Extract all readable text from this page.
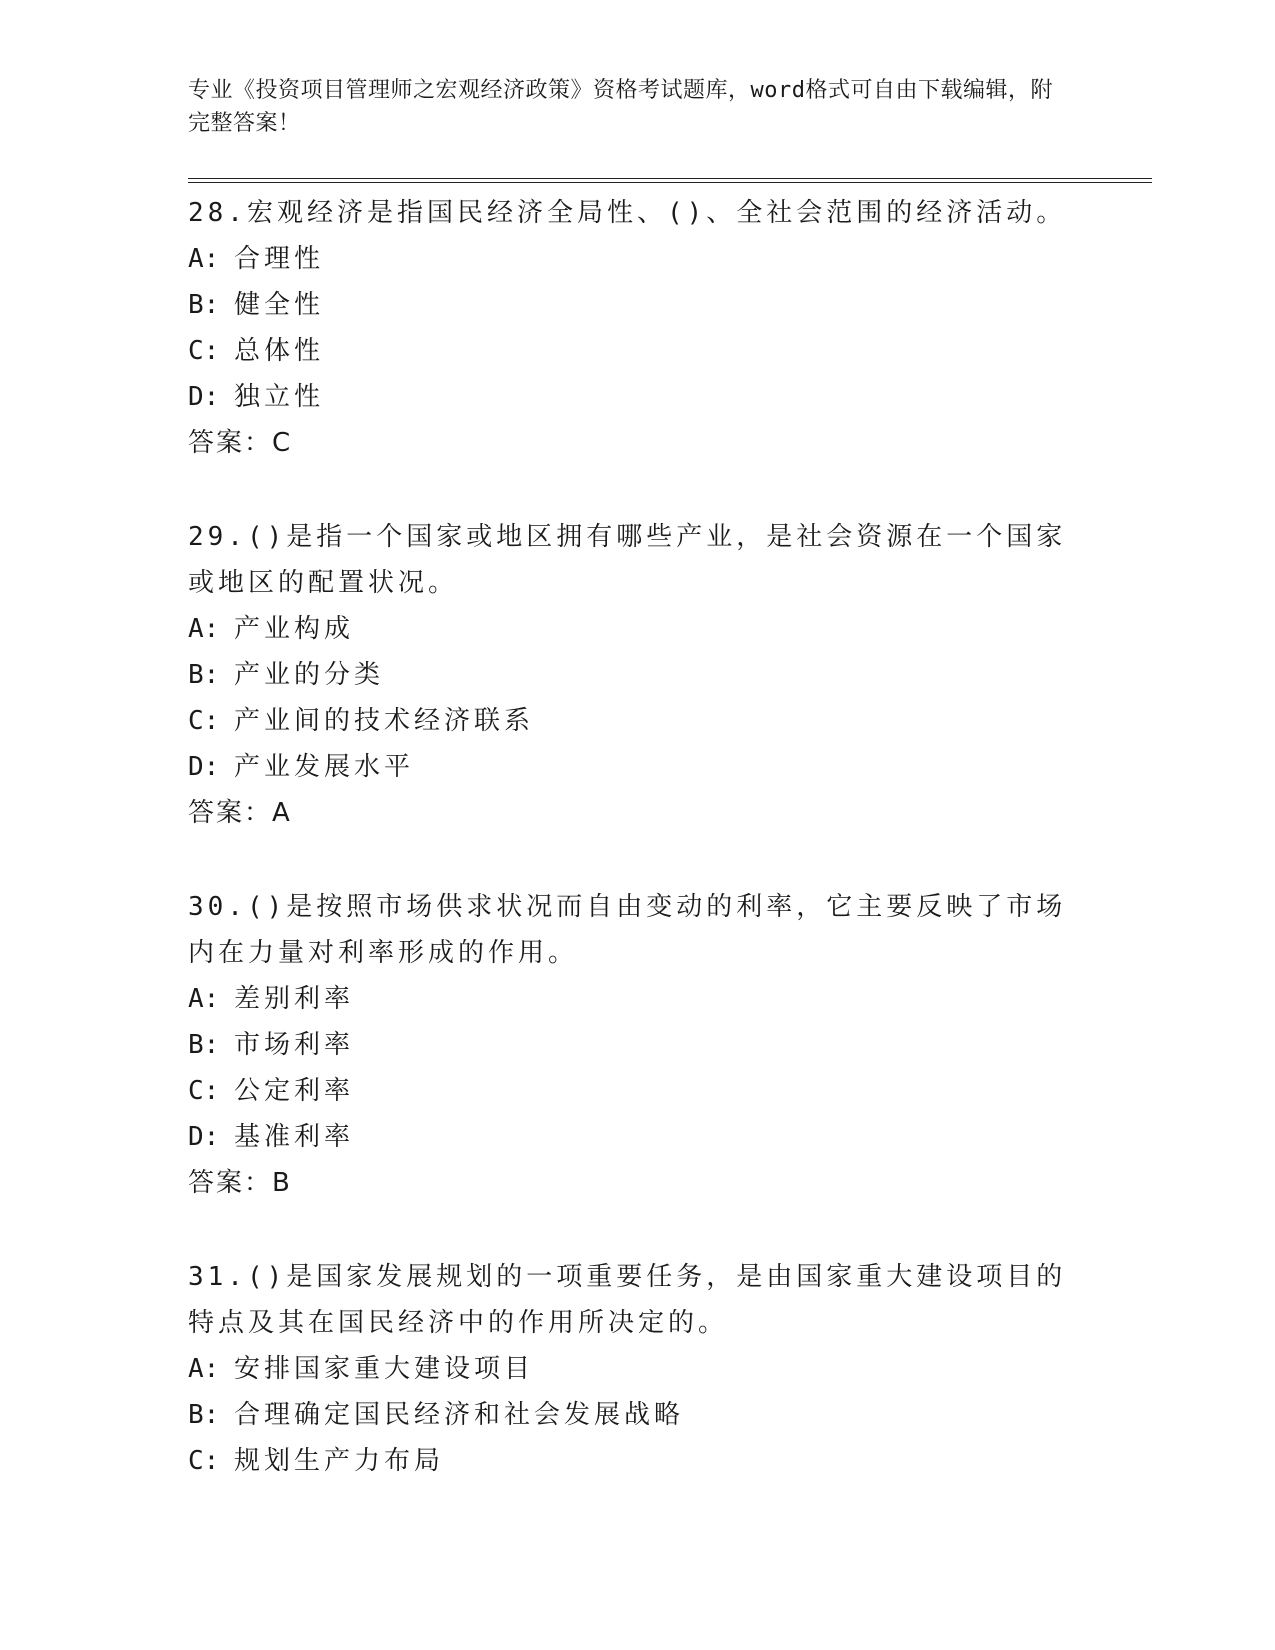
专业《投资项目管理师之宏观经济政策》资格考试题库，word格式可自由下载编辑，附完整答案！

28.宏观经济是指国民经济全局性、()、全社会范围的经济活动。

A: 合理性

B: 健全性

C: 总体性

D: 独立性

答案：C

29.()是指一个国家或地区拥有哪些产业，是社会资源在一个国家或地区的配置状况。

A: 产业构成

B: 产业的分类

C: 产业间的技术经济联系

D: 产业发展水平

答案：A

30.()是按照市场供求状况而自由变动的利率，它主要反映了市场内在力量对利率形成的作用。

A: 差别利率

B: 市场利率

C: 公定利率

D: 基准利率

答案：B

31.()是国家发展规划的一项重要任务，是由国家重大建设项目的特点及其在国民经济中的作用所决定的。

A: 安排国家重大建设项目

B: 合理确定国民经济和社会发展战略

C: 规划生产力布局
